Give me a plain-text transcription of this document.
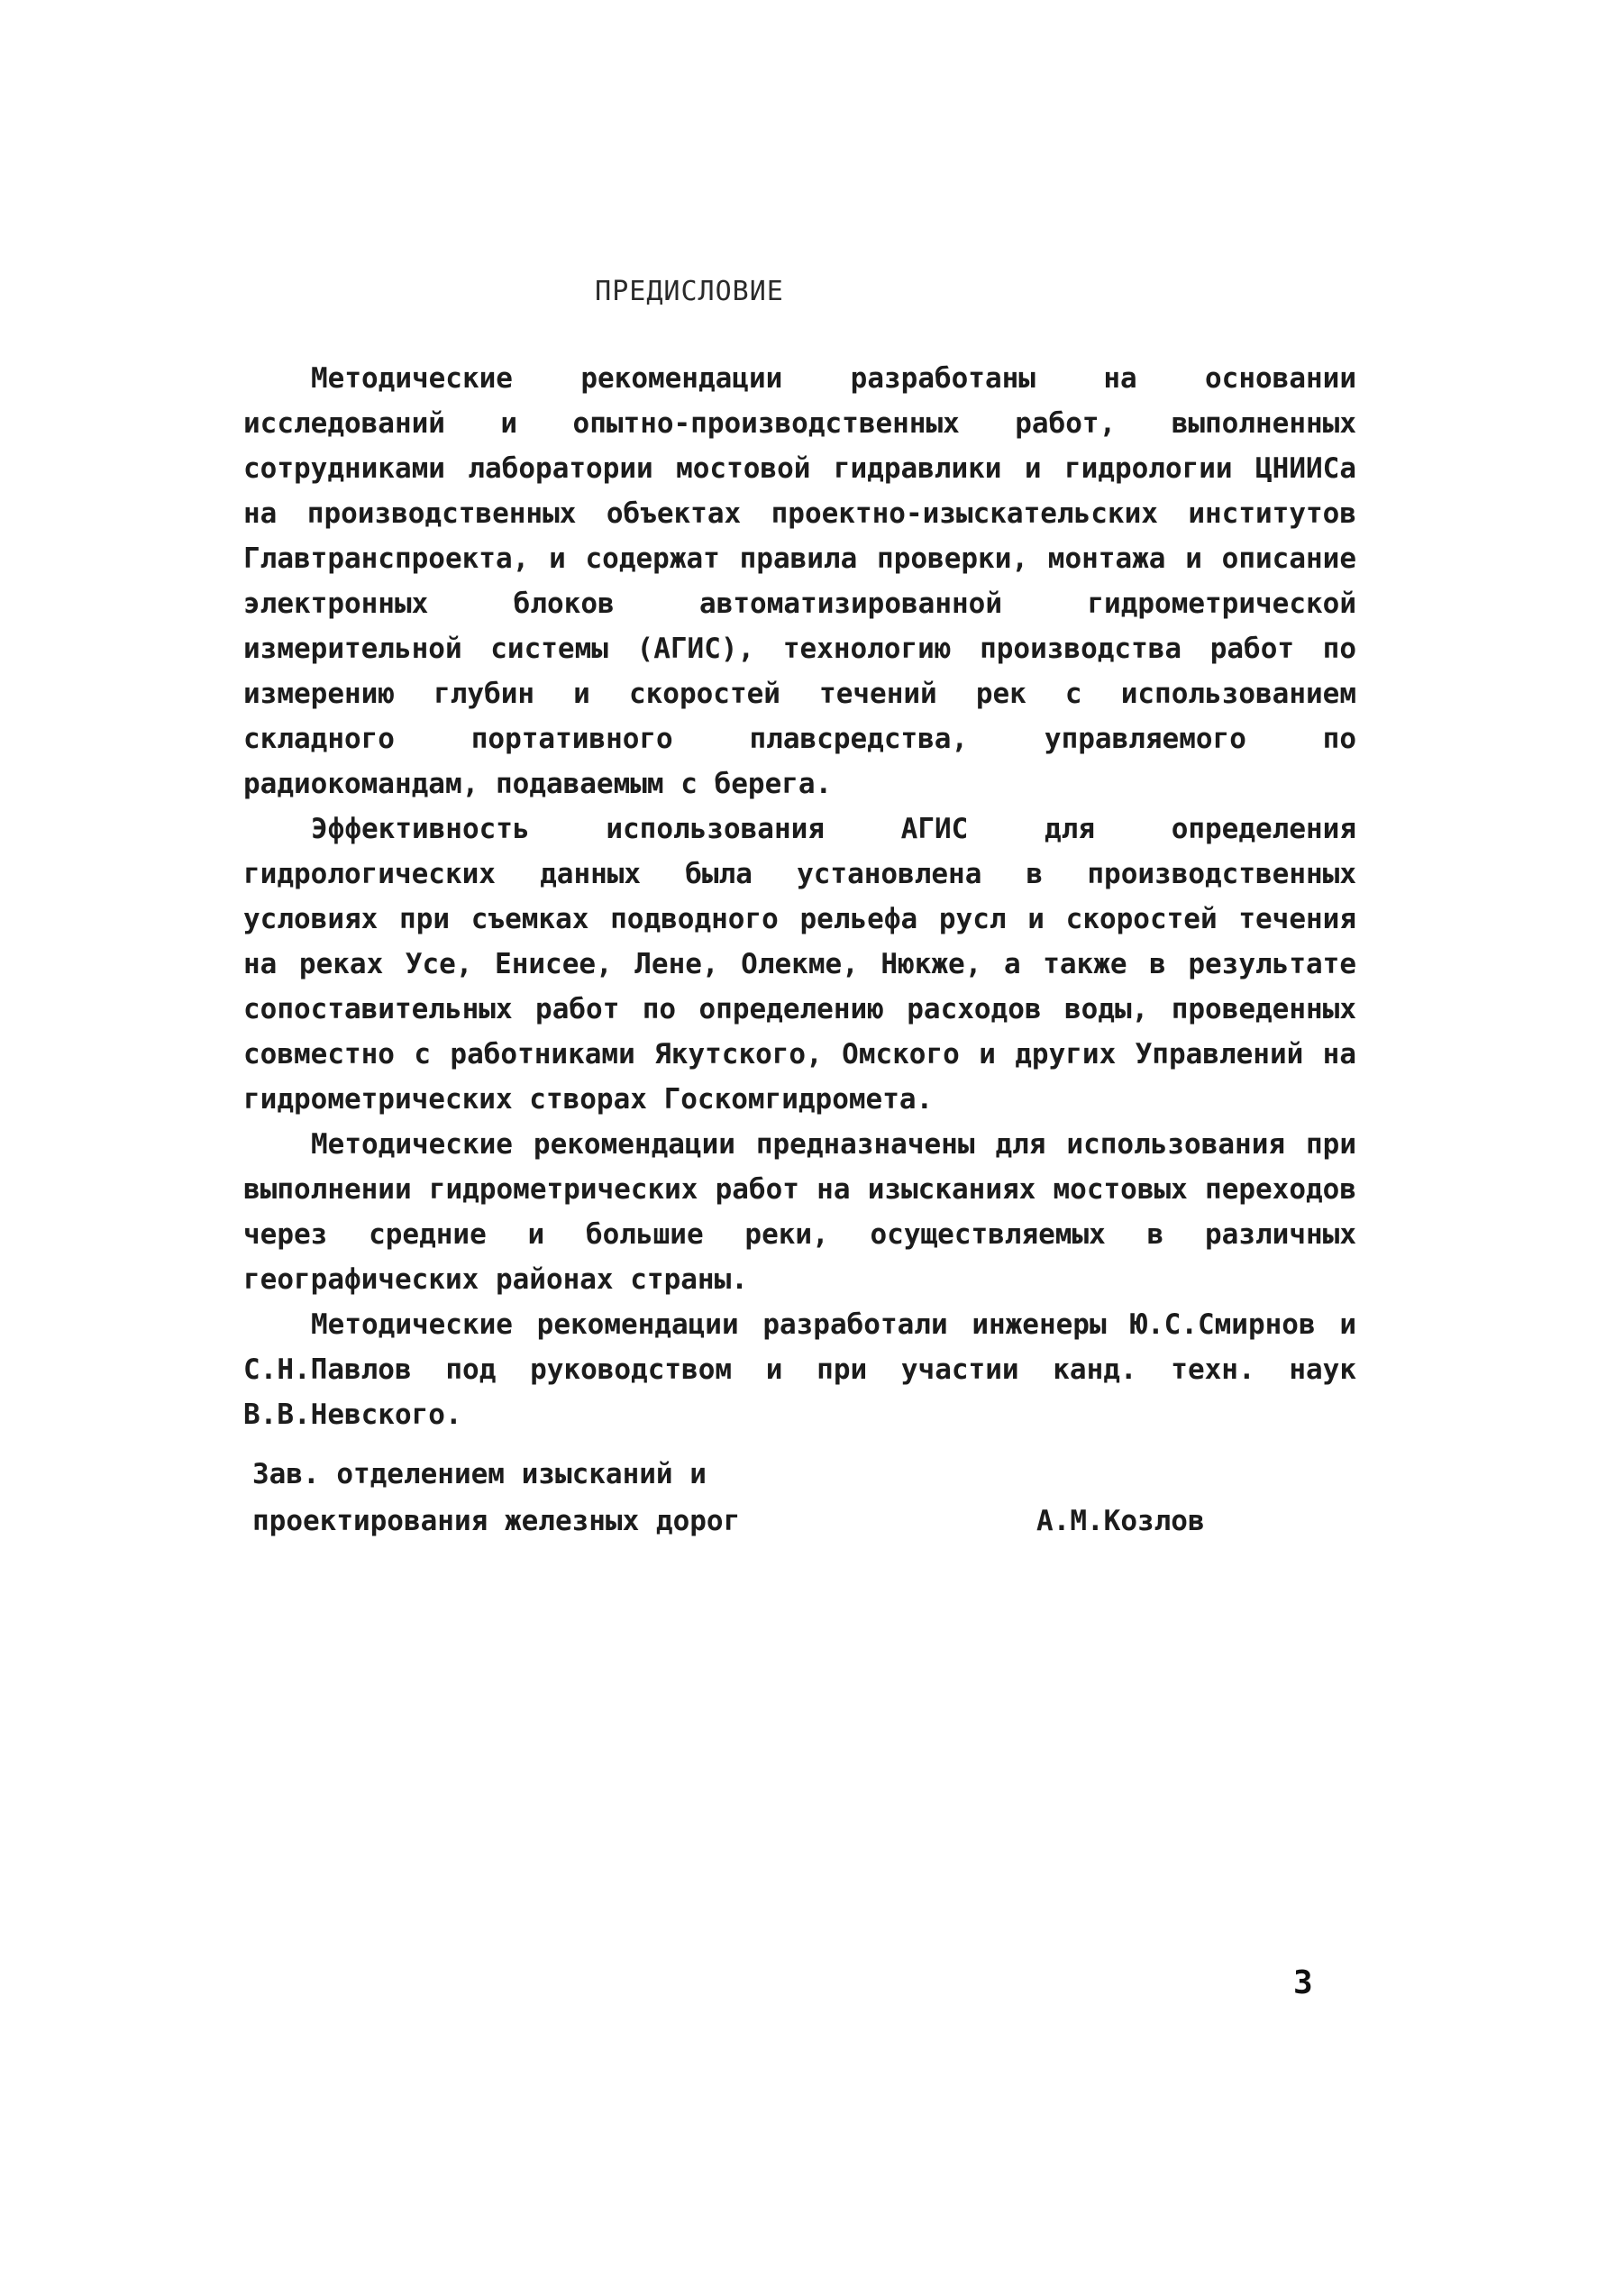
ПРЕДИСЛОВИЕ

Методические рекомендации разработаны на основании исследований и опытно-производственных работ, выполненных сотрудниками лаборатории мостовой гидравлики и гидрологии ЦНИИСа на производственных объектах проектно-изыскательских институтов Главтранспроекта, и содержат правила проверки, монтажа и описание электронных блоков автоматизированной гидрометрической измерительной системы (АГИС), технологию производства работ по измерению глубин и скоростей течений рек с использованием складного портативного плавсредства, управляемого по радиокомандам, подаваемым с берега.

Эффективность использования АГИС для определения гидрологических данных была установлена в производственных условиях при съемках подводного рельефа русл и скоростей течения на реках Усе, Енисее, Лене, Олекме, Нюкже, а также в результате сопоставительных работ по определению расходов воды, проведенных совместно с работниками Якутского, Омского и других Управлений на гидрометрических створах Госкомгидромета.

Методические рекомендации предназначены для использования при выполнении гидрометрических работ на изысканиях мостовых переходов через средние и большие реки, осуществляемых в различных географических районах страны.

Методические рекомендации разработали инженеры Ю.С.Смирнов и С.Н.Павлов под руководством и при участии канд. техн. наук В.В.Невского.

Зав. отделением изысканий и
проектирования железных дорог	А.М.Козлов
3
